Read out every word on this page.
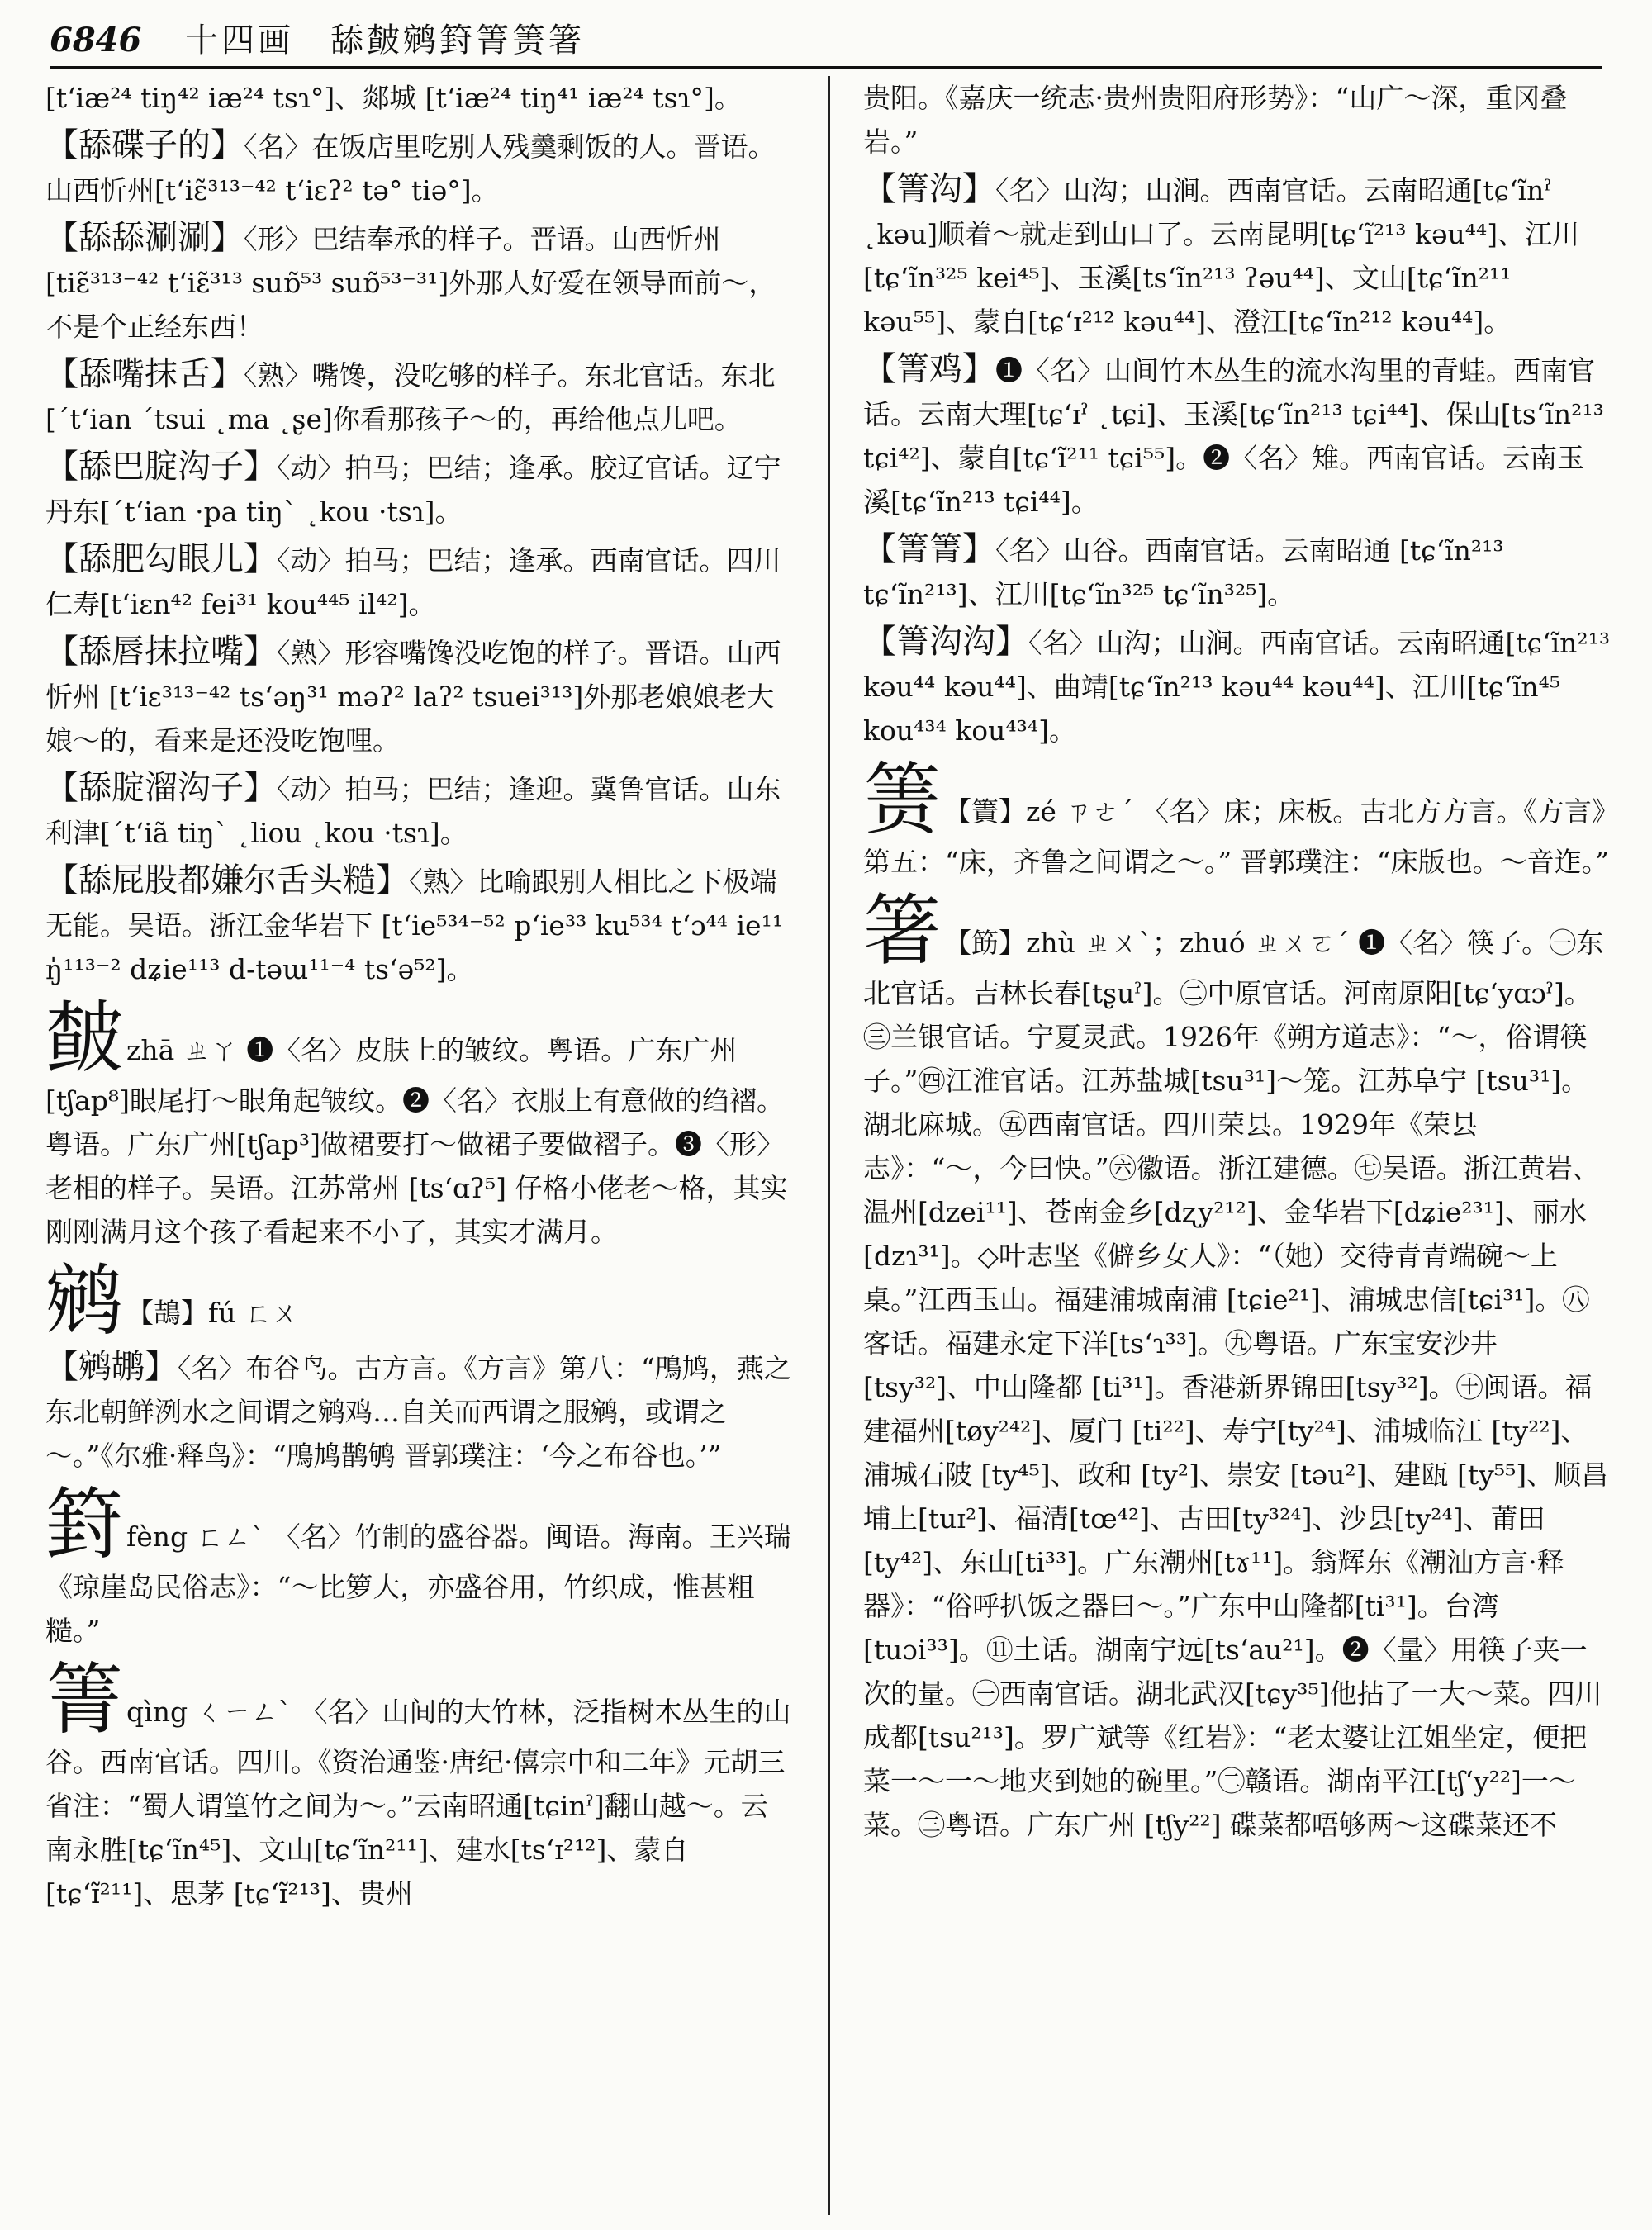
6846 十四画　舔皶鹓篈箐箦箸

[tʻiæ²⁴ tiŋ⁴² iæ²⁴ tsɿ°]、郯城 [tʻiæ²⁴ tiŋ⁴¹ iæ²⁴ tsɿ°]。

【舔碟子的】〈名〉在饭店里吃别人残羹剩饭的人。晋语。山西忻州[tʻiɛ̃³¹³⁻⁴² tʻiɛʔ² tə° tiə°]。

【舔舔涮涮】〈形〉巴结奉承的样子。晋语。山西忻州[tiɛ̃³¹³⁻⁴² tʻiɛ̃³¹³ suɒ̃⁵³ suɒ̃⁵³⁻³¹]外那人好爱在领导面前～，不是个正经东西！

【舔嘴抹舌】〈熟〉嘴馋，没吃够的样子。东北官话。东北[ˊtʻian ˊtsui ˛ma ˛ʂe]你看那孩子～的，再给他点儿吧。

【舔巴腚沟子】〈动〉拍马；巴结；逢承。胶辽官话。辽宁丹东[ˊtʻian ·pa tiŋˋ ˛kou ·tsɿ]。

【舔肥勾眼儿】〈动〉拍马；巴结；逢承。西南官话。四川仁寿[tʻiɛn⁴² fei³¹ kou⁴⁴⁵ il⁴²]。

【舔唇抹拉嘴】〈熟〉形容嘴馋没吃饱的样子。晋语。山西忻州 [tʻiɛ³¹³⁻⁴² tsʻəŋ³¹ məʔ² laʔ² tsuei³¹³]外那老娘娘老大娘～的，看来是还没吃饱哩。

【舔腚溜沟子】〈动〉拍马；巴结；逢迎。冀鲁官话。山东利津[ˊtʻiã tiŋˋ ˛liou ˛kou ·tsɿ]。

【舔屁股都嫌尔舌头糙】〈熟〉比喻跟别人相比之下极端无能。吴语。浙江金华岩下 [tʻie⁵³⁴⁻⁵² pʻie³³ ku⁵³⁴ tʻɔ⁴⁴ ie¹¹ ŋ̍¹¹³⁻² dʑie¹¹³ d-təɯ¹¹⁻⁴ tsʻə⁵²]。

皶zhā ㄓㄚ ❶〈名〉皮肤上的皱纹。粤语。广东广州[tʃap⁸]眼尾打～眼角起皱纹。❷〈名〉衣服上有意做的绉褶。粤语。广东广州[tʃap³]做裙要打～做裙子要做褶子。❸〈形〉老相的样子。吴语。江苏常州 [tsʻɑʔ⁵] 仔格小佬老～格，其实刚刚满月这个孩子看起来不小了，其实才满月。

鹓 【鴶】fú ㄈㄨ

【鹓鹕】〈名〉布谷鸟。古方言。《方言》第八：“鳲鸠，燕之东北朝鲜洌水之间谓之鹓鸡…自关而西谓之服鹓，或谓之～。”《尔雅·释鸟》：“鳲鸠鹊鸲 晋郭璞注：‘今之布谷也。’”

篈fèng ㄈㄥˋ 〈名〉竹制的盛谷器。闽语。海南。王兴瑞《琼崖岛民俗志》：“～比箩大，亦盛谷用，竹织成，惟甚粗糙。”

箐qìng ㄑㄧㄥˋ 〈名〉山间的大竹林，泛指树木丛生的山谷。西南官话。四川。《资治通鉴·唐纪·僖宗中和二年》元胡三省注：“蜀人谓篁竹之间为～。”云南昭通[tɕinˀ]翻山越～。云南永胜[tɕʻĩn⁴⁵]、文山[tɕʻĩn²¹¹]、建水[tsʻɪ²¹²]、蒙自[tɕʻɪ̃²¹¹]、思茅 [tɕʻɪ̃²¹³]、贵州

贵阳。《嘉庆一统志·贵州贵阳府形势》：“山广～深，重冈叠岩。”

【箐沟】〈名〉山沟；山涧。西南官话。云南昭通[tɕʻĩnˀ ˛kəu]顺着～就走到山口了。云南昆明[tɕʻĩ²¹³ kəu⁴⁴]、江川[tɕʻĩn³²⁵ kei⁴⁵]、玉溪[tsʻĩn²¹³ ʔəu⁴⁴]、文山[tɕʻĩn²¹¹ kəu⁵⁵]、蒙自[tɕʻɪ²¹² kəu⁴⁴]、澄江[tɕʻĩn²¹² kəu⁴⁴]。

【箐鸡】❶〈名〉山间竹木丛生的流水沟里的青蛙。西南官话。云南大理[tɕʻɪˀ ˛tɕi]、玉溪[tɕʻĩn²¹³ tɕi⁴⁴]、保山[tsʻĩn²¹³ tɕi⁴²]、蒙自[tɕʻĩ²¹¹ tɕi⁵⁵]。❷〈名〉雉。西南官话。云南玉溪[tɕʻĩn²¹³ tɕi⁴⁴]。

【箐箐】〈名〉山谷。西南官话。云南昭通 [tɕʻĩn²¹³ tɕʻĩn²¹³]、江川[tɕʻĩn³²⁵ tɕʻĩn³²⁵]。

【箐沟沟】〈名〉山沟；山涧。西南官话。云南昭通[tɕʻĩn²¹³ kəu⁴⁴ kəu⁴⁴]、曲靖[tɕʻĩn²¹³ kəu⁴⁴ kəu⁴⁴]、江川[tɕʻĩn⁴⁵ kou⁴³⁴ kou⁴³⁴]。

箦 【簀】zé ㄗㄜˊ 〈名〉床；床板。古北方方言。《方言》第五：“床，齐鲁之间谓之～。” 晋郭璞注：“床版也。～音迮。”

箸 【筯】zhù ㄓㄨˋ；zhuó ㄓㄨㄛˊ ❶〈名〉筷子。㊀东北官话。吉林长春[tʂuˀ]。㊁中原官话。河南原阳[tɕʻyɑɔˀ]。㊂兰银官话。宁夏灵武。1926年《朔方道志》：“～，俗谓筷子。”㊃江淮官话。江苏盐城[tsu³¹]～笼。江苏阜宁 [tsu³¹]。湖北麻城。㊄西南官话。四川荣县。1929年《荣县志》：“～，今曰快。”㊅徽语。浙江建德。㊆吴语。浙江黄岩、温州[dzei¹¹]、苍南金乡[dʐy²¹²]、金华岩下[dʑie²³¹]、丽水 [dzɿ³¹]。◇叶志坚《僻乡女人》：“（她）交待青青端碗～上桌。”江西玉山。福建浦城南浦 [tɕie²¹]、浦城忠信[tɕi³¹]。㊇客话。福建永定下洋[tsʻɿ³³]。㊈粤语。广东宝安沙井 [tsy³²]、中山隆都 [ti³¹]。香港新界锦田[tsy³²]。㊉闽语。福建福州[tøy²⁴²]、厦门 [ti²²]、寿宁[ty²⁴]、浦城临江 [ty²²]、浦城石陂 [ty⁴⁵]、政和 [ty²]、崇安 [təu²]、建瓯 [ty⁵⁵]、顺昌埔上[tuɪ²]、福清[tœ⁴²]、古田[ty³²⁴]、沙县[ty²⁴]、莆田[ty⁴²]、东山[ti³³]。广东潮州[tɤ¹¹]。翁辉东《潮汕方言·释器》：“俗呼扒饭之器曰～。”广东中山隆都[ti³¹]。台湾 [tuɔi³³]。⑪土话。湖南宁远[tsʻau²¹]。❷〈量〉用筷子夹一次的量。㊀西南官话。湖北武汉[tɕy³⁵]他拈了一大～菜。四川成都[tsu²¹³]。罗广斌等《红岩》：“老太婆让江姐坐定，便把菜一～一～地夹到她的碗里。”㊁赣语。湖南平江[tʃʻy²²]一～菜。㊂粤语。广东广州 [tʃy²²] 碟菜都唔够两～这碟菜还不
